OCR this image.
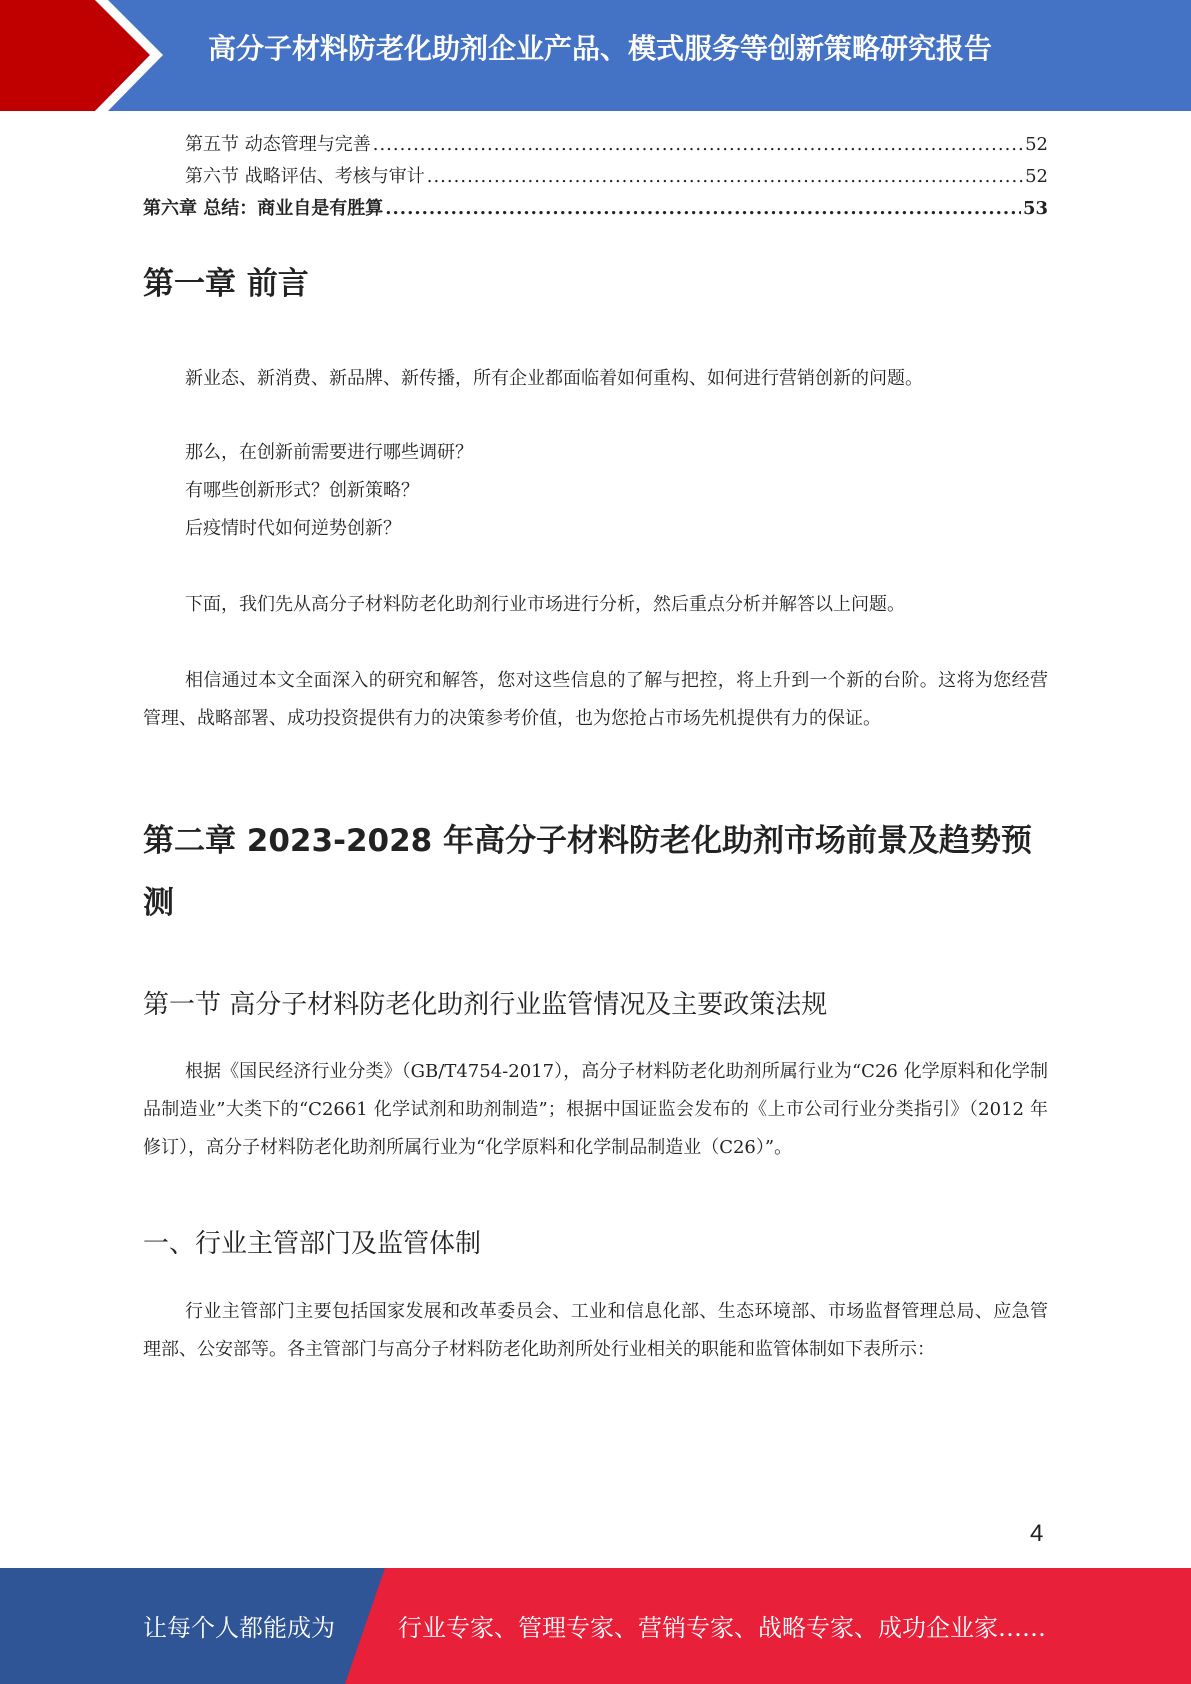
高分子材料防老化助剂企业产品、模式服务等创新策略研究报告
第五节 动态管理与完善 .....	52
第六节 战略评估、考核与审计 .....	52
第六章 总结：商业自是有胜算 .....	53
第一章 前言

新业态、新消费、新品牌、新传播，所有企业都面临着如何重构、如何进行营销创新的问题。

那么，在创新前需要进行哪些调研？

有哪些创新形式？创新策略？

后疫情时代如何逆势创新？

下面，我们先从高分子材料防老化助剂行业市场进行分析，然后重点分析并解答以上问题。

相信通过本文全面深入的研究和解答，您对这些信息的了解与把控，将上升到一个新的台阶。这将为您经营管理、战略部署、成功投资提供有力的决策参考价值，也为您抢占市场先机提供有力的保证。

第二章 2023-2028 年高分子材料防老化助剂市场前景及趋势预测
第一节 高分子材料防老化助剂行业监管情况及主要政策法规

根据《国民经济行业分类》（GB/T4754-2017），高分子材料防老化助剂所属行业为“C26 化学原料和化学制品制造业”大类下的“C2661 化学试剂和助剂制造”；根据中国证监会发布的《上市公司行业分类指引》（2012 年修订），高分子材料防老化助剂所属行业为“化学原料和化学制品制造业（C26）”。

一、行业主管部门及监管体制

行业主管部门主要包括国家发展和改革委员会、工业和信息化部、生态环境部、市场监督管理总局、应急管理部、公安部等。各主管部门与高分子材料防老化助剂所处行业相关的职能和监管体制如下表所示：

4
让每个人都能成为	行业专家、管理专家、营销专家、战略专家、成功企业家……
